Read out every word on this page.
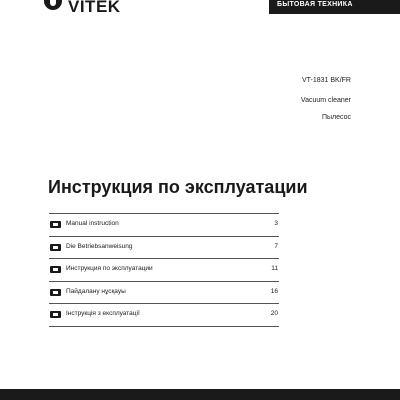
VITEK	БЫТОВАЯ ТЕХНИКА
VT-1831 BK/FR
Vacuum cleaner
Пылесос
Инструкция по эксплуатации
Manual instruction	3
Die Betriebsanweisung	7
Инструкция по эксплуатации	11
Пайдалану нұсқауы	16
Інструкція з експлуатації	20
